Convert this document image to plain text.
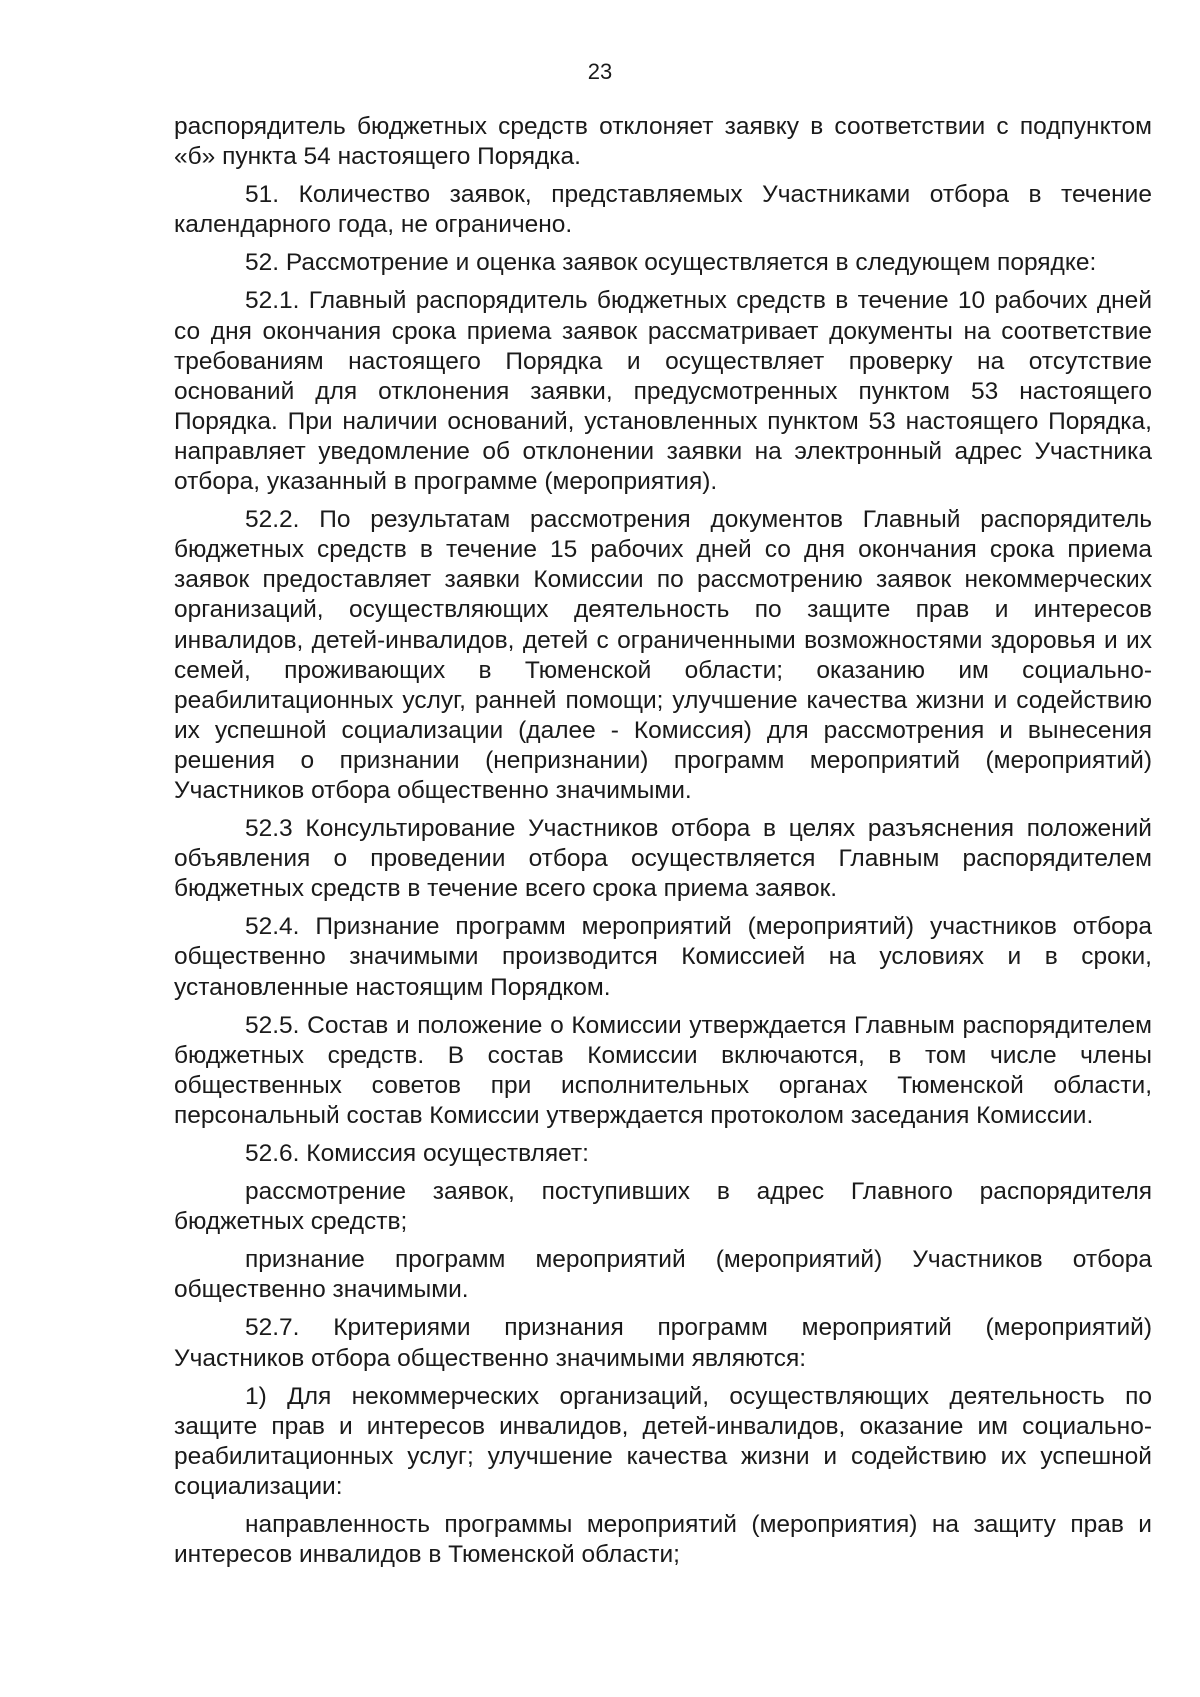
23

распорядитель бюджетных средств отклоняет заявку в соответствии с подпунктом «б» пункта 54 настоящего Порядка.

51. Количество заявок, представляемых Участниками отбора в течение календарного года, не ограничено.

52. Рассмотрение и оценка заявок осуществляется в следующем порядке:

52.1. Главный распорядитель бюджетных средств в течение 10 рабочих дней со дня окончания срока приема заявок рассматривает документы на соответствие требованиям настоящего Порядка и осуществляет проверку на отсутствие оснований для отклонения заявки, предусмотренных пунктом 53 настоящего Порядка. При наличии оснований, установленных пунктом 53 настоящего Порядка, направляет уведомление об отклонении заявки на электронный адрес Участника отбора, указанный в программе (мероприятия).

52.2. По результатам рассмотрения документов Главный распорядитель бюджетных средств в течение 15 рабочих дней со дня окончания срока приема заявок предоставляет заявки Комиссии по рассмотрению заявок некоммерческих организаций, осуществляющих деятельность по защите прав и интересов инвалидов, детей-инвалидов, детей с ограниченными возможностями здоровья и их семей, проживающих в Тюменской области; оказанию им социально-реабилитационных услуг, ранней помощи; улучшение качества жизни и содействию их успешной социализации (далее - Комиссия) для рассмотрения и вынесения решения о признании (непризнании) программ мероприятий (мероприятий) Участников отбора общественно значимыми.

52.3 Консультирование Участников отбора в целях разъяснения положений объявления о проведении отбора осуществляется Главным распорядителем бюджетных средств в течение всего срока приема заявок.

52.4. Признание программ мероприятий (мероприятий) участников отбора общественно значимыми производится Комиссией на условиях и в сроки, установленные настоящим Порядком.

52.5. Состав и положение о Комиссии утверждается Главным распорядителем бюджетных средств. В состав Комиссии включаются, в том числе члены общественных советов при исполнительных органах Тюменской области, персональный состав Комиссии утверждается протоколом заседания Комиссии.

52.6. Комиссия осуществляет:

рассмотрение заявок, поступивших в адрес Главного распорядителя бюджетных средств;

признание программ мероприятий (мероприятий) Участников отбора общественно значимыми.

52.7. Критериями признания программ мероприятий (мероприятий) Участников отбора общественно значимыми являются:

1) Для некоммерческих организаций, осуществляющих деятельность по защите прав и интересов инвалидов, детей-инвалидов, оказание им социально-реабилитационных услуг; улучшение качества жизни и содействию их успешной социализации:

направленность программы мероприятий (мероприятия) на защиту прав и интересов инвалидов в Тюменской области;
